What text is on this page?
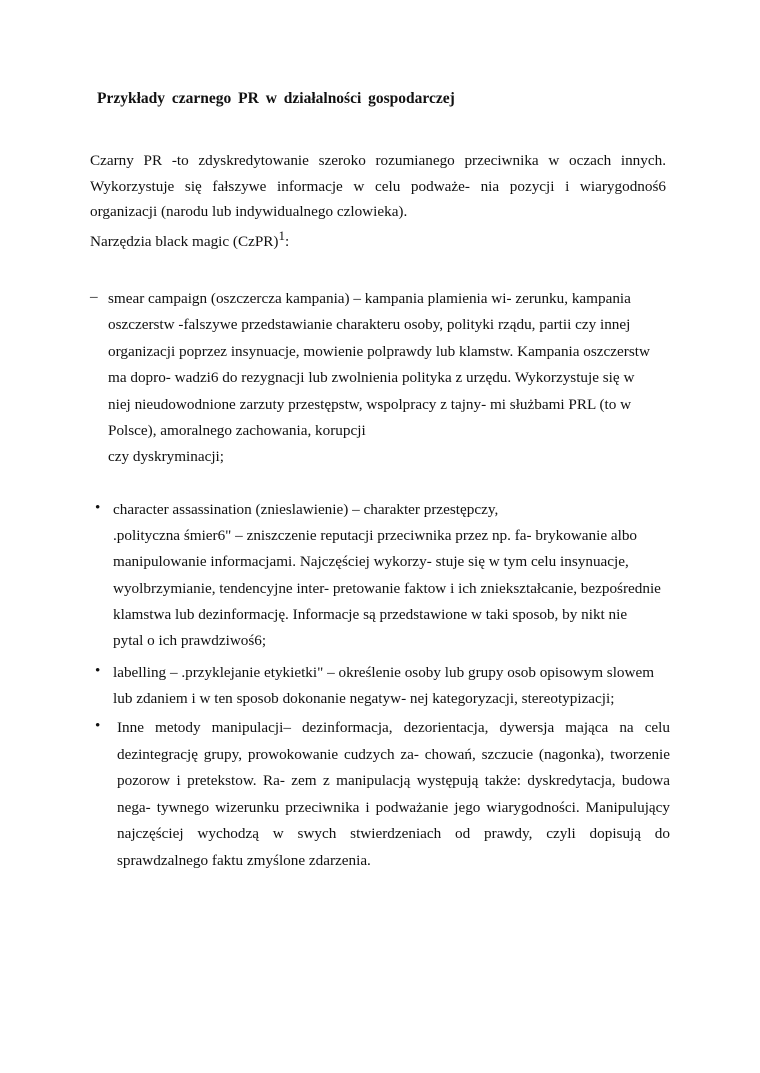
Przykłady czarnego PR w działalności gospodarczej

Czarny PR -to zdyskredytowanie szeroko rozumianego przeciwnika w oczach innych. Wykorzystuje się fałszywe informacje w celu podważe- nia pozycji i wiarygodnoś6 organizacji (narodu lub indywidualnego czlowieka).

Narzędzia black magic (CzPR)$^1$:
– smear campaign (oszczercza kampania) – kampania plamienia wi- zerunku, kampania
oszczerstw -falszywe przedstawianie charakteru osoby, polityki rządu, partii czy innej
organizacji poprzez insynuacje, mowienie polprawdy lub klamstw. Kampania oszczerstw
ma dopro- wadzi6 do rezygnacji lub zwolnienia polityka z urzędu. Wykorzystuje się w
niej nieudowodnione zarzuty przestępstw, wspolpracy z tajny- mi służbami PRL (to w
Polsce), amoralnego zachowania, korupcji
czy dyskryminacji;
• character assassination (znieslawienie) – charakter przestępczy,
.polityczna śmier6" – zniszczenie reputacji przeciwnika przez np. fa- brykowanie albo
manipulowanie informacjami. Najczęściej wykorzy- stuje się w tym celu insynuacje,
wyolbrzymianie, tendencyjne inter- pretowanie faktow i ich zniekształcanie, bezpośrednie
klamstwa lub dezinformację. Informacje są przedstawione w taki sposob, by nikt nie
pytal o ich prawdziwoś6;
• labelling – .przyklejanie etykietki" – określenie osoby lub grupy osob opisowym slowem
lub zdaniem i w ten sposob dokonanie negatyw- nej kategoryzacji, stereotypizacji;
• Inne metody manipulacji– dezinformacja, dezorientacja, dywersja mająca na celu
dezintegrację grupy, prowokowanie cudzych za- chowań, szczucie (nagonka), tworzenie
pozorow i pretekstow. Ra- zem z manipulacją występują także: dyskredytacja, budowa
nega- tywnego wizerunku przeciwnika i podważanie jego wiarygodności. Manipulujący
najczęściej wychodzą w swych stwierdzeniach od prawdy, czyli dopisują do
sprawdzalnego faktu zmyślone zdarzenia.
